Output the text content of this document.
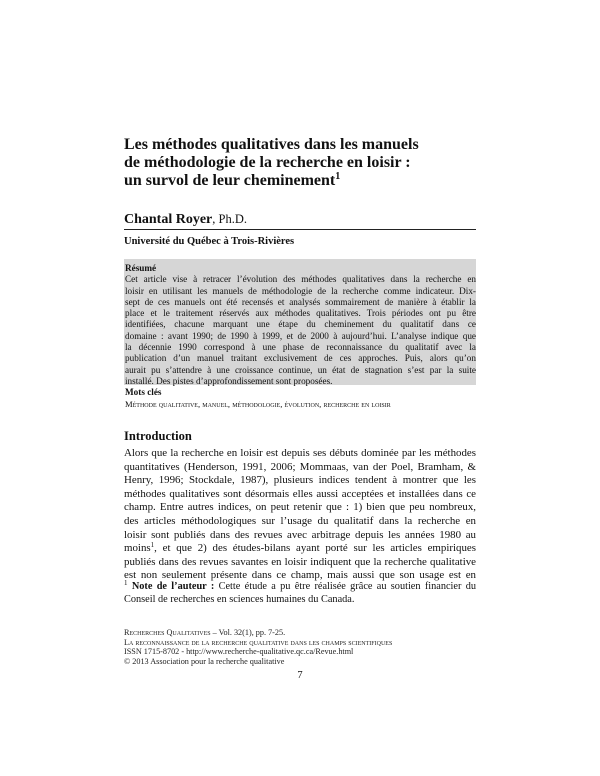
Les méthodes qualitatives dans les manuels
de méthodologie de la recherche en loisir :
un survol de leur cheminement$^1$
Chantal Royer, Ph.D.
Université du Québec à Trois-Rivières
Résumé
Cet article vise à retracer l’évolution des méthodes qualitatives dans la recherche en
loisir en utilisant les manuels de méthodologie de la recherche comme indicateur. Dix-
sept de ces manuels ont été recensés et analysés sommairement de manière à établir la
place et le traitement réservés aux méthodes qualitatives. Trois périodes ont pu être
identifiées, chacune marquant une étape du cheminement du qualitatif dans ce
domaine : avant 1990; de 1990 à 1999, et de 2000 à aujourd’hui. L’analyse indique que
la décennie 1990 correspond à une phase de reconnaissance du qualitatif avec la
publication d’un manuel traitant exclusivement de ces approches. Puis, alors qu’on
aurait pu s’attendre à une croissance continue, un état de stagnation s’est par la suite
installé. Des pistes d’approfondissement sont proposées.
Mots clés
Méthode qualitative, manuel, méthodologie, évolution, recherche en loisir
Introduction
Alors que la recherche en loisir est depuis ses débuts dominée par les méthodes
quantitatives (Henderson, 1991, 2006; Mommaas, van der Poel, Bramham, &
Henry, 1996; Stockdale, 1987), plusieurs indices tendent à montrer que les
méthodes qualitatives sont désormais elles aussi acceptées et installées dans ce
champ. Entre autres indices, on peut retenir que : 1) bien que peu nombreux,
des articles méthodologiques sur l’usage du qualitatif dans la recherche en
loisir sont publiés dans des revues avec arbitrage depuis les années 1980 au
moins$^1$, et que 2) des études-bilans ayant porté sur les articles empiriques
publiés dans des revues savantes en loisir indiquent que la recherche qualitative
est non seulement présente dans ce champ, mais aussi que son usage est en
$^1$ Note de l’auteur : Cette étude a pu être réalisée grâce au soutien financier du
Conseil de recherches en sciences humaines du Canada.
Recherches Qualitatives – Vol. 32(1), pp. 7-25.
La reconnaissance de la recherche qualitative dans les champs scientifiques
ISSN 1715-8702 - http://www.recherche-qualitative.qc.ca/Revue.html
© 2013 Association pour la recherche qualitative
7
